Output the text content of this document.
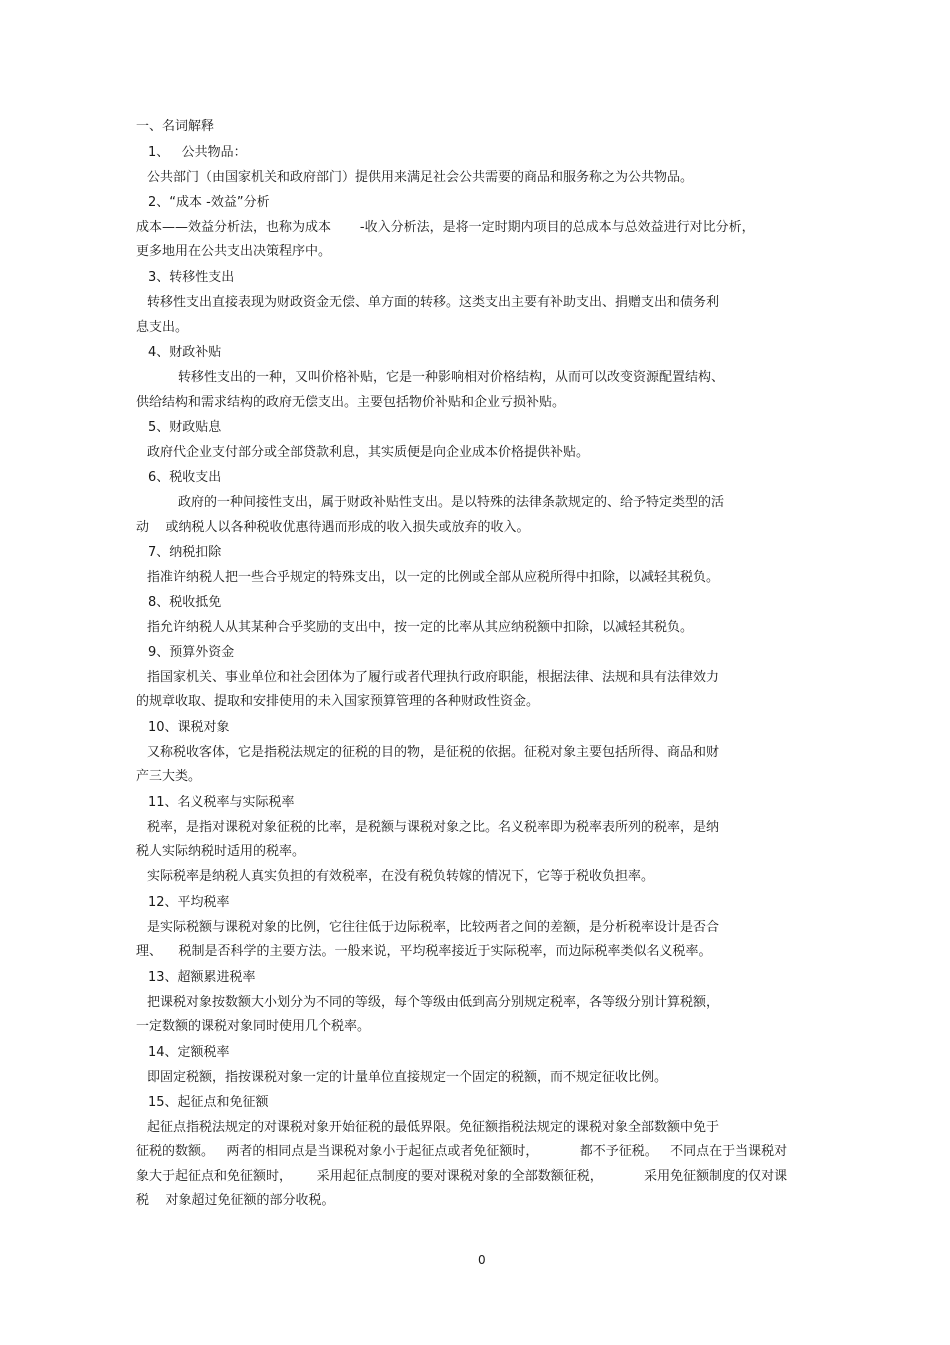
一、名词解释

1、   公共物品：

公共部门（由国家机关和政府部门）提供用来满足社会公共需要的商品和服务称之为公共物品。

2、“成本 -效益”分析

成本——效益分析法，也称为成本       -收入分析法，是将一定时期内项目的总成本与总效益进行对比分析，

更多地用在公共支出决策程序中。

3、转移性支出

转移性支出直接表现为财政资金无偿、单方面的转移。这类支出主要有补助支出、捐赠支出和债务利

息支出。

4、财政补贴

转移性支出的一种，又叫价格补贴，它是一种影响相对价格结构，从而可以改变资源配置结构、

供给结构和需求结构的政府无偿支出。主要包括物价补贴和企业亏损补贴。

5、财政贴息

政府代企业支付部分或全部贷款利息，其实质便是向企业成本价格提供补贴。

6、税收支出

政府的一种间接性支出，属于财政补贴性支出。是以特殊的法律条款规定的、给予特定类型的活

动    或纳税人以各种税收优惠待遇而形成的收入损失或放弃的收入。

7、纳税扣除

指准许纳税人把一些合乎规定的特殊支出，以一定的比例或全部从应税所得中扣除，以减轻其税负。

8、税收抵免

指允许纳税人从其某种合乎奖励的支出中，按一定的比率从其应纳税额中扣除，以减轻其税负。

9、预算外资金

指国家机关、事业单位和社会团体为了履行或者代理执行政府职能，根据法律、法规和具有法律效力

的规章收取、提取和安排使用的未入国家预算管理的各种财政性资金。

10、课税对象

又称税收客体，它是指税法规定的征税的目的物，是征税的依据。征税对象主要包括所得、商品和财

产三大类。

11、名义税率与实际税率

税率，是指对课税对象征税的比率，是税额与课税对象之比。名义税率即为税率表所列的税率，是纳

税人实际纳税时适用的税率。

实际税率是纳税人真实负担的有效税率，在没有税负转嫁的情况下，它等于税收负担率。

12、平均税率

是实际税额与课税对象的比例，它往往低于边际税率，比较两者之间的差额，是分析税率设计是否合

理、    税制是否科学的主要方法。一般来说，平均税率接近于实际税率，而边际税率类似名义税率。

13、超额累进税率

把课税对象按数额大小划分为不同的等级，每个等级由低到高分别规定税率，各等级分别计算税额，

一定数额的课税对象同时使用几个税率。

14、定额税率

即固定税额，指按课税对象一定的计量单位直接规定一个固定的税额，而不规定征收比例。

15、起征点和免征额

起征点指税法规定的对课税对象开始征税的最低界限。免征额指税法规定的课税对象全部数额中免于

征税的数额。   两者的相同点是当课税对象小于起征点或者免征额时，          都不予征税。   不同点在于当课税对

象大于起征点和免征额时，      采用起征点制度的要对课税对象的全部数额征税，          采用免征额制度的仅对课

税    对象超过免征额的部分收税。

0
